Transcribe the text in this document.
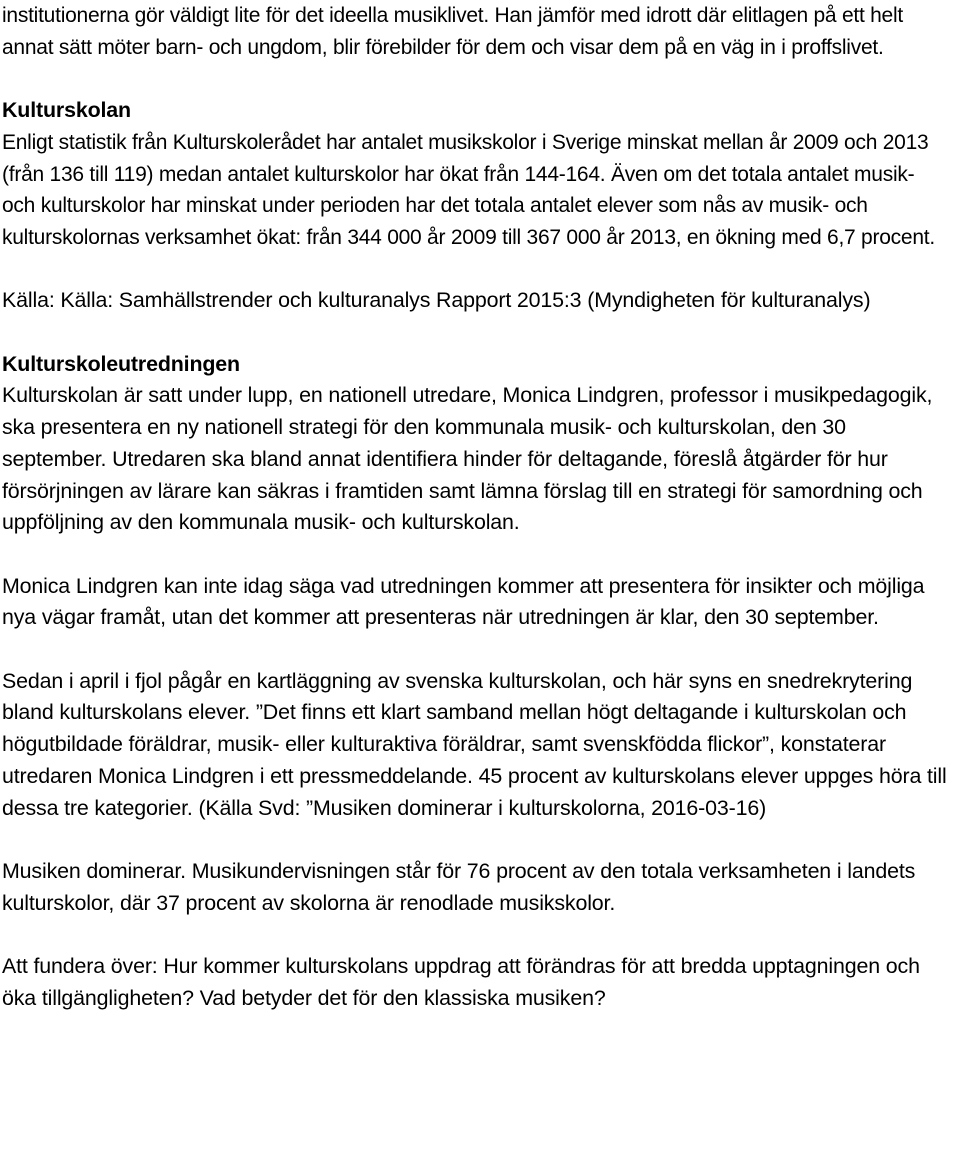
institutionerna gör väldigt lite för det ideella musiklivet. Han jämför med idrott där elitlagen på ett helt annat sätt möter barn- och ungdom, blir förebilder för dem och visar dem på en väg in i proffslivet.

Kulturskolan

Enligt statistik från Kulturskolerådet har antalet musikskolor i Sverige minskat mellan år 2009 och 2013 (från 136 till 119) medan antalet kulturskolor har ökat från 144-164. Även om det totala antalet musik- och kulturskolor har minskat under perioden har det totala antalet elever som nås av musik- och kulturskolornas verksamhet ökat: från 344 000 år 2009 till 367 000 år 2013, en ökning med 6,7 procent.

Källa: Källa: Samhällstrender och kulturanalys Rapport 2015:3 (Myndigheten för kulturanalys)

Kulturskoleutredningen

Kulturskolan är satt under lupp, en nationell utredare, Monica Lindgren, professor i musikpedagogik, ska presentera en ny nationell strategi för den kommunala musik- och kulturskolan, den 30 september. Utredaren ska bland annat identifiera hinder för deltagande, föreslå åtgärder för hur försörjningen av lärare kan säkras i framtiden samt lämna förslag till en strategi för samordning och uppföljning av den kommunala musik- och kulturskolan.

Monica Lindgren kan inte idag säga vad utredningen kommer att presentera för insikter och möjliga nya vägar framåt, utan det kommer att presenteras när utredningen är klar, den 30 september.

Sedan i april i fjol pågår en kartläggning av svenska kulturskolan, och här syns en snedrekrytering bland kulturskolans elever. ”Det finns ett klart samband mellan högt deltagande i kulturskolan och högutbildade föräldrar, musik- eller kulturaktiva föräldrar, samt svenskfödda flickor”, konstaterar utredaren Monica Lindgren i ett pressmeddelande. 45 procent av kulturskolans elever uppges höra till dessa tre kategorier. (Källa Svd: ”Musiken dominerar i kulturskolorna, 2016-03-16)

Musiken dominerar. Musikundervisningen står för 76 procent av den totala verksamheten i landets kulturskolor, där 37 procent av skolorna är renodlade musikskolor.

Att fundera över: Hur kommer kulturskolans uppdrag att förändras för att bredda upptagningen och öka tillgängligheten? Vad betyder det för den klassiska musiken?
